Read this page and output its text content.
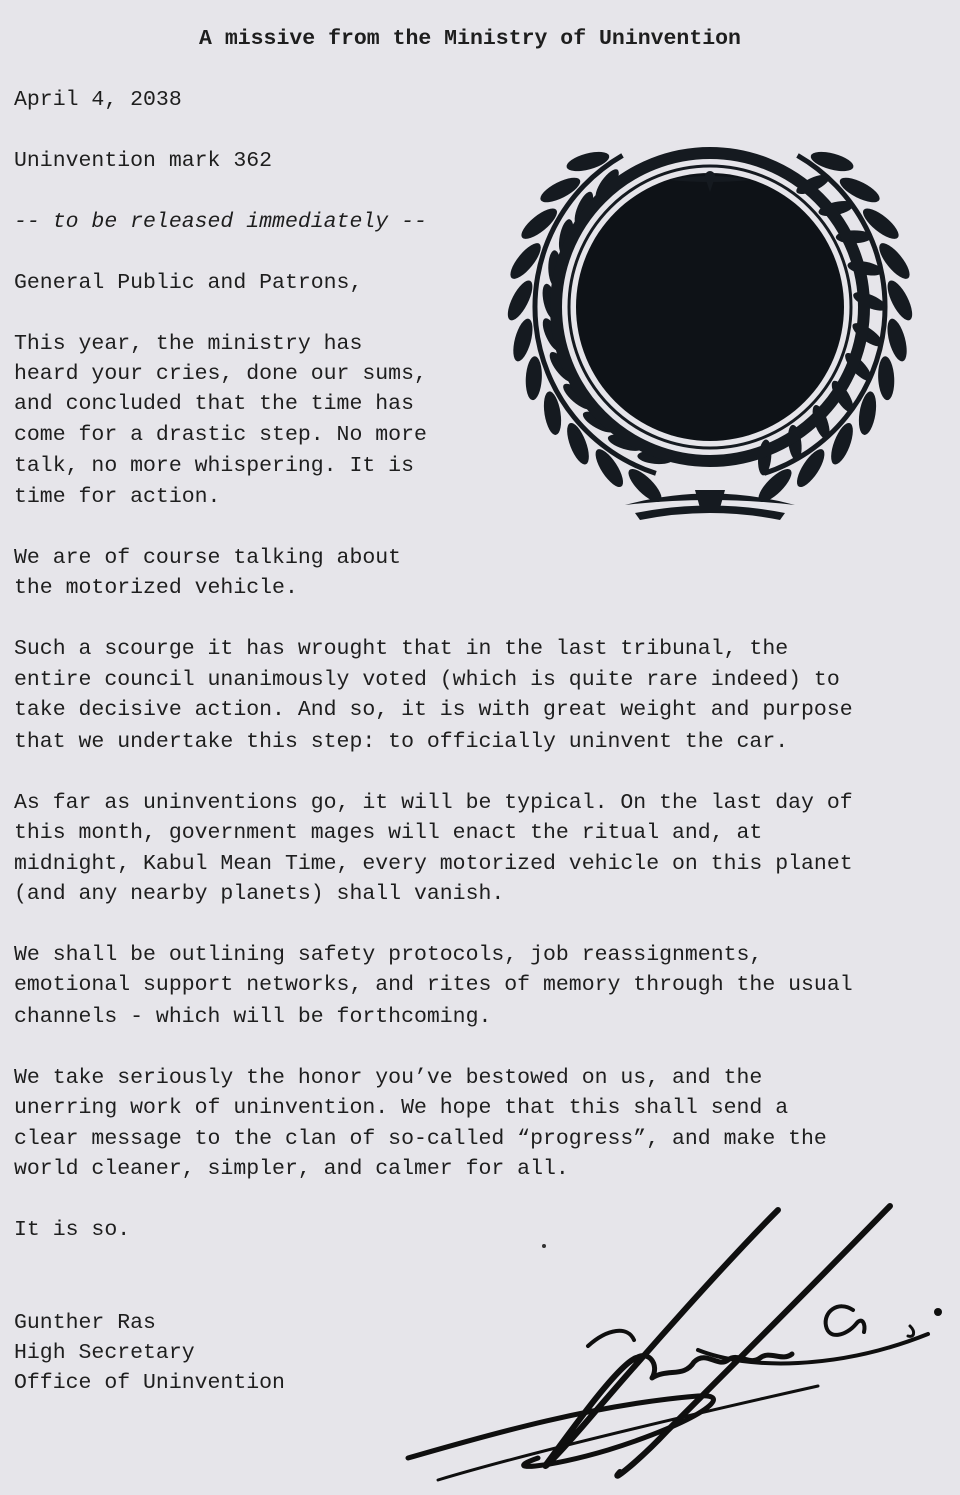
A missive from the Ministry of Uninvention
April 4, 2038
Uninvention mark 362
-- to be released immediately --
General Public and Patrons,
This year, the ministry has
heard your cries, done our sums,
and concluded that the time has
come for a drastic step. No more
talk, no more whispering. It is
time for action.
We are of course talking about
the motorized vehicle.
Such a scourge it has wrought that in the last tribunal, the
entire council unanimously voted (which is quite rare indeed) to
take decisive action. And so, it is with great weight and purpose
that we undertake this step: to officially uninvent the car.
As far as uninventions go, it will be typical. On the last day of
this month, government mages will enact the ritual and, at
midnight, Kabul Mean Time, every motorized vehicle on this planet
(and any nearby planets) shall vanish.
We shall be outlining safety protocols, job reassignments,
emotional support networks, and rites of memory through the usual
channels - which will be forthcoming.
We take seriously the honor you’ve bestowed on us, and the
unerring work of uninvention. We hope that this shall send a
clear message to the clan of so-called “progress”, and make the
world cleaner, simpler, and calmer for all.
It is so.
Gunther Ras
High Secretary
Office of Uninvention
